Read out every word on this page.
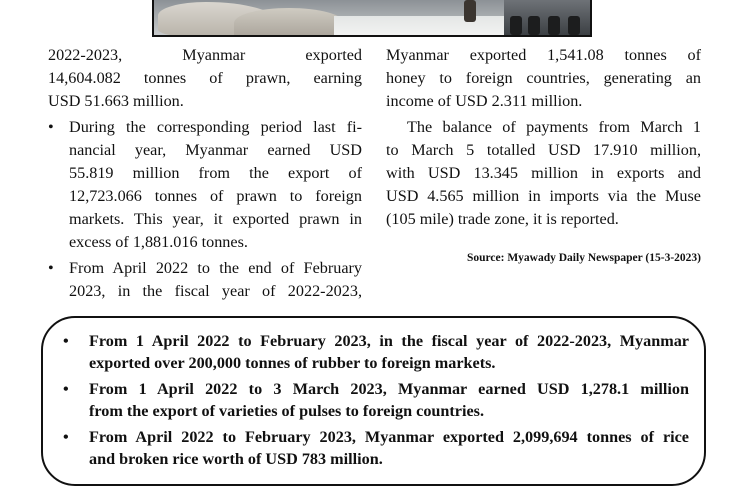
2022-2023, Myanmar exported
14,604.082 tonnes of prawn, earning
USD 51.663 million.

• During the corresponding period last fi-
nancial year, Myanmar earned USD
55.819 million from the export of
12,723.066 tonnes of prawn to foreign
markets. This year, it exported prawn in
excess of 1,881.016 tonnes.
• From April 2022 to the end of February
2023, in the fiscal year of 2022-2023,

Myanmar exported 1,541.08 tonnes of
honey to foreign countries, generating an
income of USD 2.311 million.

The balance of payments from March 1
to March 5 totalled USD 17.910 million,
with USD 13.345 million in exports and
USD 4.565 million in imports via the Muse
(105 mile) trade zone, it is reported.

Source: Myawady Daily Newspaper (15-3-2023)
• From 1 April 2022 to February 2023, in the fiscal year of 2022-2023, Myanmar
exported over 200,000 tonnes of rubber to foreign markets.
• From 1 April 2022 to 3 March 2023, Myanmar earned USD 1,278.1 million
from the export of varieties of pulses to foreign countries.
• From April 2022 to February 2023, Myanmar exported 2,099,694 tonnes of rice
and broken rice worth of USD 783 million.
